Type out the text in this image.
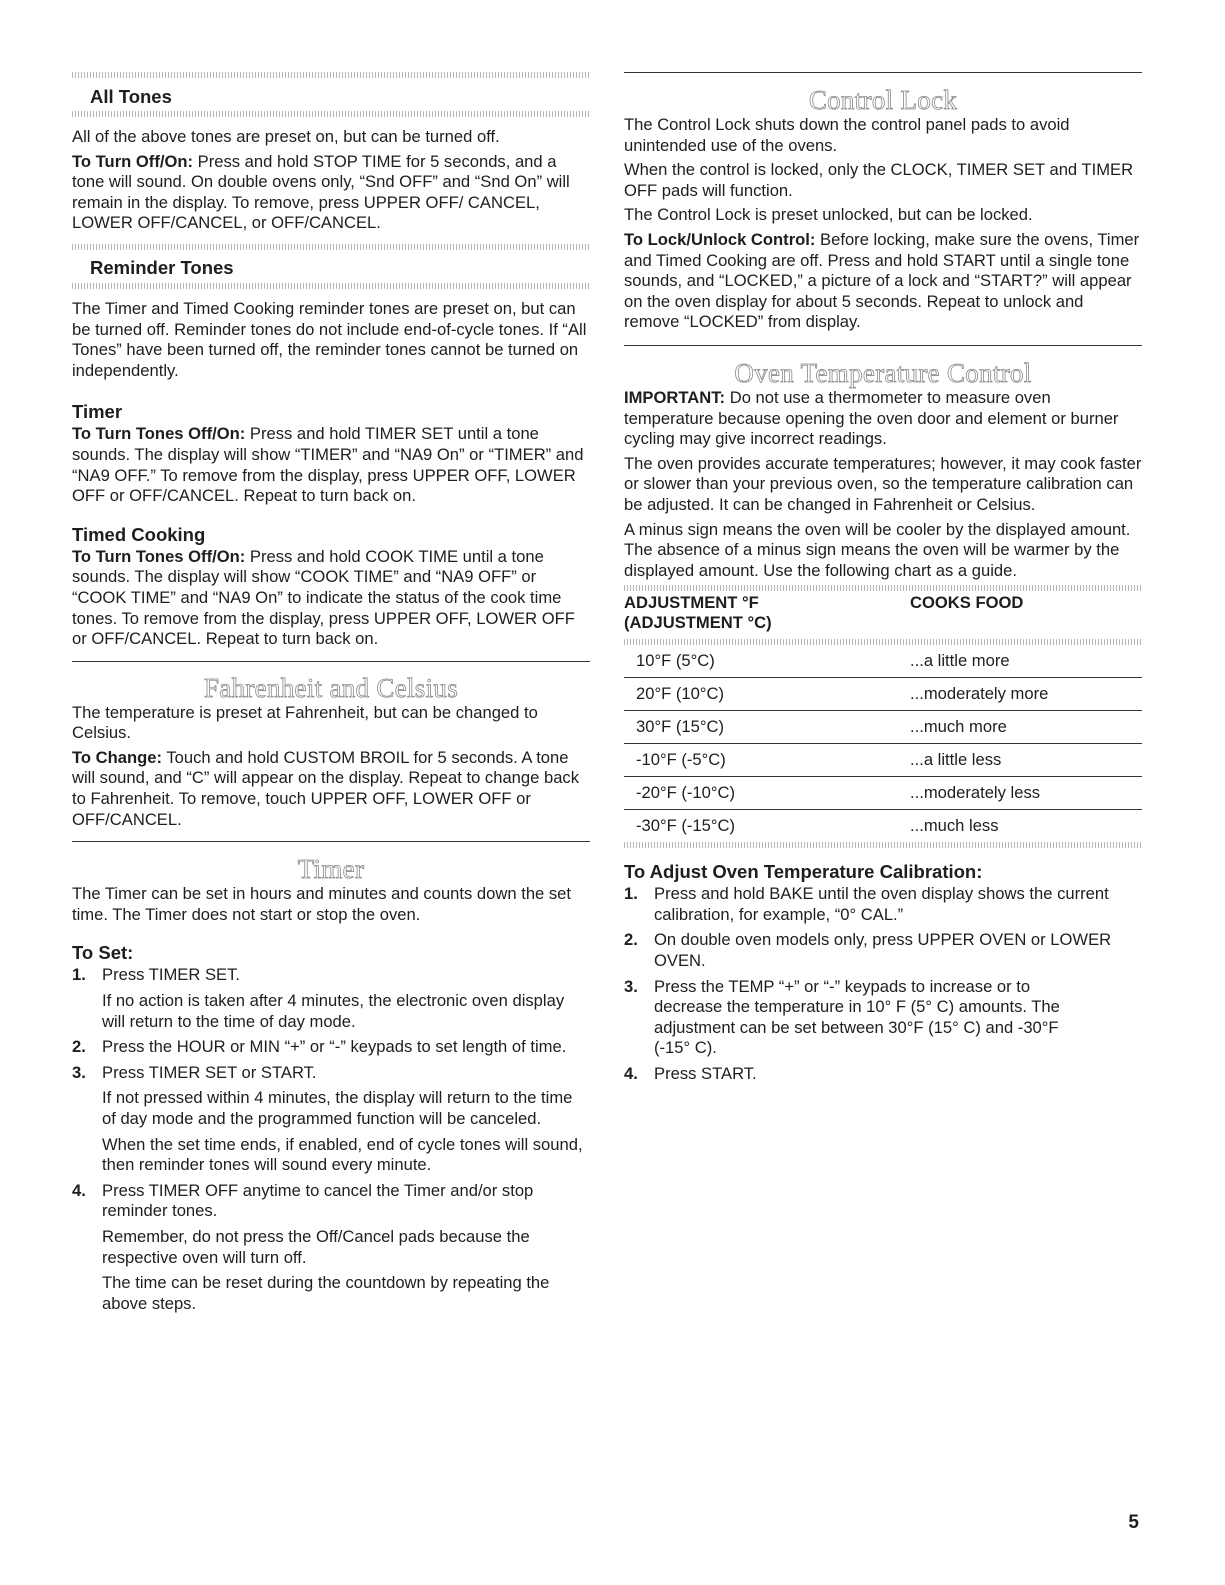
All Tones

All of the above tones are preset on, but can be turned off.

To Turn Off/On: Press and hold STOP TIME for 5 seconds, and a tone will sound. On double ovens only, “Snd OFF” and “Snd On” will remain in the display. To remove, press UPPER OFF/ CANCEL, LOWER OFF/CANCEL, or OFF/CANCEL.

Reminder Tones

The Timer and Timed Cooking reminder tones are preset on, but can be turned off. Reminder tones do not include end-of-cycle tones. If “All Tones” have been turned off, the reminder tones cannot be turned on independently.

Timer

To Turn Tones Off/On: Press and hold TIMER SET until a tone sounds. The display will show “TIMER” and “NA9 On” or “TIMER” and “NA9 OFF.” To remove from the display, press UPPER OFF, LOWER OFF or OFF/CANCEL. Repeat to turn back on.

Timed Cooking

To Turn Tones Off/On: Press and hold COOK TIME until a tone sounds. The display will show “COOK TIME” and “NA9 OFF” or “COOK TIME” and “NA9 On” to indicate the status of the cook time tones. To remove from the display, press UPPER OFF, LOWER OFF or OFF/CANCEL. Repeat to turn back on.

Fahrenheit and Celsius

The temperature is preset at Fahrenheit, but can be changed to Celsius.

To Change: Touch and hold CUSTOM BROIL for 5 seconds. A tone will sound, and “C” will appear on the display. Repeat to change back to Fahrenheit. To remove, touch UPPER OFF, LOWER OFF or OFF/CANCEL.

Timer

The Timer can be set in hours and minutes and counts down the set time. The Timer does not start or stop the oven.

To Set:
1. Press TIMER SET.

If no action is taken after 4 minutes, the electronic oven display will return to the time of day mode.

2. Press the HOUR or MIN “+” or “-” keypads to set length of time.

3. Press TIMER SET or START.

If not pressed within 4 minutes, the display will return to the time of day mode and the programmed function will be canceled.

When the set time ends, if enabled, end of cycle tones will sound, then reminder tones will sound every minute.

4. Press TIMER OFF anytime to cancel the Timer and/or stop reminder tones.

Remember, do not press the Off/Cancel pads because the respective oven will turn off.

The time can be reset during the countdown by repeating the above steps.

Control Lock

The Control Lock shuts down the control panel pads to avoid unintended use of the ovens.

When the control is locked, only the CLOCK, TIMER SET and TIMER OFF pads will function.

The Control Lock is preset unlocked, but can be locked.

To Lock/Unlock Control: Before locking, make sure the ovens, Timer and Timed Cooking are off. Press and hold START until a single tone sounds, and “LOCKED,” a picture of a lock and “START?” will appear on the oven display for about 5 seconds. Repeat to unlock and remove “LOCKED” from display.

Oven Temperature Control

IMPORTANT: Do not use a thermometer to measure oven temperature because opening the oven door and element or burner cycling may give incorrect readings.

The oven provides accurate temperatures; however, it may cook faster or slower than your previous oven, so the temperature calibration can be adjusted. It can be changed in Fahrenheit or Celsius.

A minus sign means the oven will be cooler by the displayed amount. The absence of a minus sign means the oven will be warmer by the displayed amount. Use the following chart as a guide.

ADJUSTMENT °F
(ADJUSTMENT °C)	COOKS FOOD

10°F (5°C)	...a little more
20°F (10°C)	...moderately more
30°F (15°C)	...much more
-10°F (-5°C)	...a little less
-20°F (-10°C)	...moderately less
-30°F (-15°C)	...much less
To Adjust Oven Temperature Calibration:
1. Press and hold BAKE until the oven display shows the current calibration, for example, “0° CAL.”

2. On double oven models only, press UPPER OVEN or LOWER OVEN.

3. Press the TEMP “+” or “-” keypads to increase or to decrease the temperature in 10° F (5° C) amounts. The adjustment can be set between 30°F (15° C) and -30°F (-15° C).

4. Press START.

5
